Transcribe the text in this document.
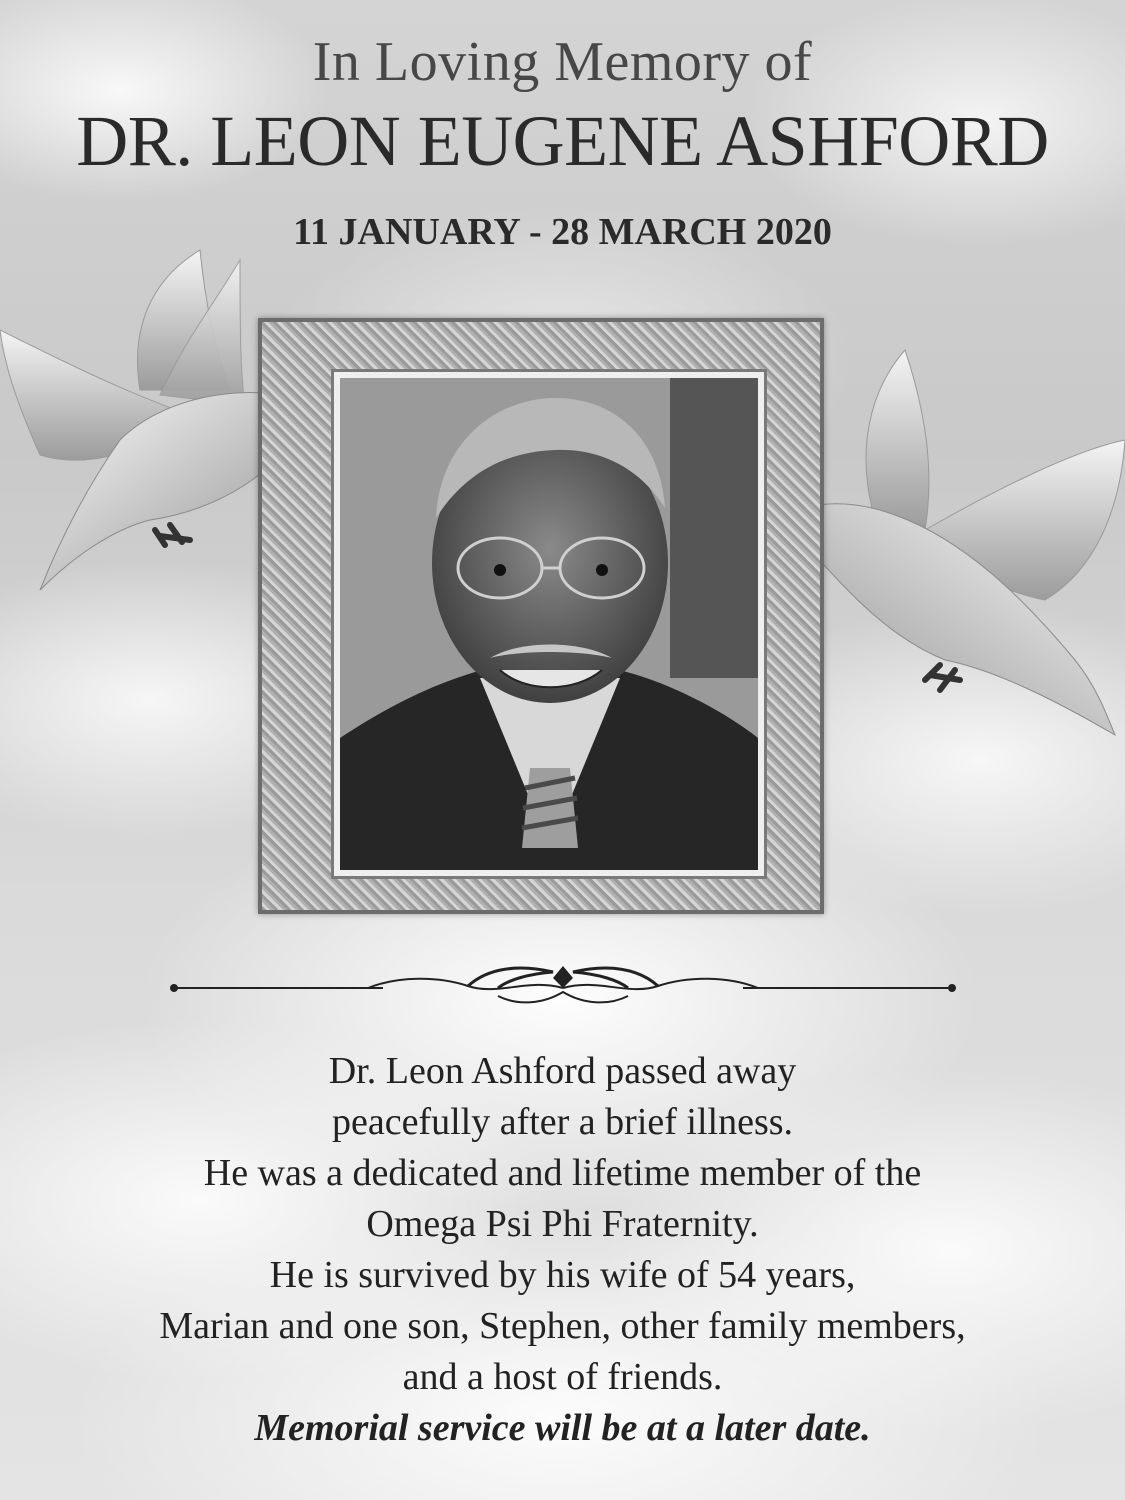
In Loving Memory of
DR. LEON EUGENE ASHFORD
11 JANUARY - 28 MARCH 2020
Dr. Leon Ashford passed away
peacefully after a brief illness.
He was a dedicated and lifetime member of the
Omega Psi Phi Fraternity.
He is survived by his wife of 54 years,
Marian and one son, Stephen, other family members,
and a host of friends.
Memorial service will be at a later date.
